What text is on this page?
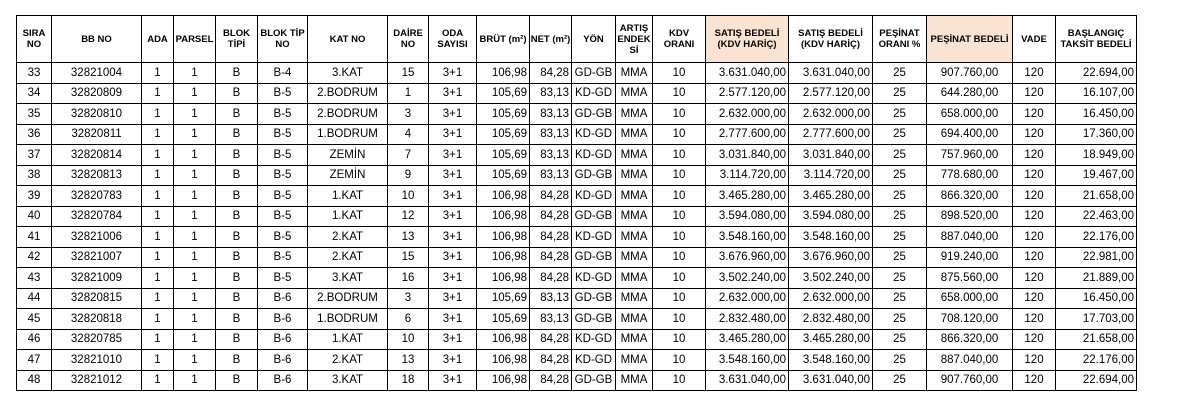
SIRA NO	BB NO	ADA	PARSEL	BLOK TİPİ	BLOK TİP NO	KAT NO	DAİRE NO	ODA SAYISI	BRÜT (m²)	NET (m²)	YÖN	ARTIŞ ENDEK Sİ	KDV ORANI	SATIŞ BEDELİ (KDV HARİÇ)	SATIŞ BEDELİ (KDV HARİÇ)	PEŞİNAT ORANI %	PEŞİNAT BEDELİ	VADE	BAŞLANGIÇ TAKSİT BEDELİ
33	32821004	1	1	B	B-4	3.KAT	15	3+1	106,98	84,28	GD-GB	MMA	10	3.631.040,00	3.631.040,00	25	907.760,00	120	22.694,00
34	32820809	1	1	B	B-5	2.BODRUM	1	3+1	105,69	83,13	KD-GD	MMA	10	2.577.120,00	2.577.120,00	25	644.280,00	120	16.107,00
35	32820810	1	1	B	B-5	2.BODRUM	3	3+1	105,69	83,13	GD-GB	MMA	10	2.632.000,00	2.632.000,00	25	658.000,00	120	16.450,00
36	32820811	1	1	B	B-5	1.BODRUM	4	3+1	105,69	83,13	KD-GD	MMA	10	2.777.600,00	2.777.600,00	25	694.400,00	120	17.360,00
37	32820814	1	1	B	B-5	ZEMİN	7	3+1	105,69	83,13	KD-GD	MMA	10	3.031.840,00	3.031.840,00	25	757.960,00	120	18.949,00
38	32820813	1	1	B	B-5	ZEMİN	9	3+1	105,69	83,13	GD-GB	MMA	10	3.114.720,00	3.114.720,00	25	778.680,00	120	19.467,00
39	32820783	1	1	B	B-5	1.KAT	10	3+1	106,98	84,28	KD-GD	MMA	10	3.465.280,00	3.465.280,00	25	866.320,00	120	21.658,00
40	32820784	1	1	B	B-5	1.KAT	12	3+1	106,98	84,28	GD-GB	MMA	10	3.594.080,00	3.594.080,00	25	898.520,00	120	22.463,00
41	32821006	1	1	B	B-5	2.KAT	13	3+1	106,98	84,28	KD-GD	MMA	10	3.548.160,00	3.548.160,00	25	887.040,00	120	22.176,00
42	32821007	1	1	B	B-5	2.KAT	15	3+1	106,98	84,28	GD-GB	MMA	10	3.676.960,00	3.676.960,00	25	919.240,00	120	22.981,00
43	32821009	1	1	B	B-5	3.KAT	16	3+1	106,98	84,28	KD-GD	MMA	10	3.502.240,00	3.502.240,00	25	875.560,00	120	21.889,00
44	32820815	1	1	B	B-6	2.BODRUM	3	3+1	105,69	83,13	GD-GB	MMA	10	2.632.000,00	2.632.000,00	25	658.000,00	120	16.450,00
45	32820818	1	1	B	B-6	1.BODRUM	6	3+1	105,69	83,13	GD-GB	MMA	10	2.832.480,00	2.832.480,00	25	708.120,00	120	17.703,00
46	32820785	1	1	B	B-6	1.KAT	10	3+1	106,98	84,28	KD-GD	MMA	10	3.465.280,00	3.465.280,00	25	866.320,00	120	21.658,00
47	32821010	1	1	B	B-6	2.KAT	13	3+1	106,98	84,28	KD-GD	MMA	10	3.548.160,00	3.548.160,00	25	887.040,00	120	22.176,00
48	32821012	1	1	B	B-6	3.KAT	18	3+1	106,98	84,28	GD-GB	MMA	10	3.631.040,00	3.631.040,00	25	907.760,00	120	22.694,00
